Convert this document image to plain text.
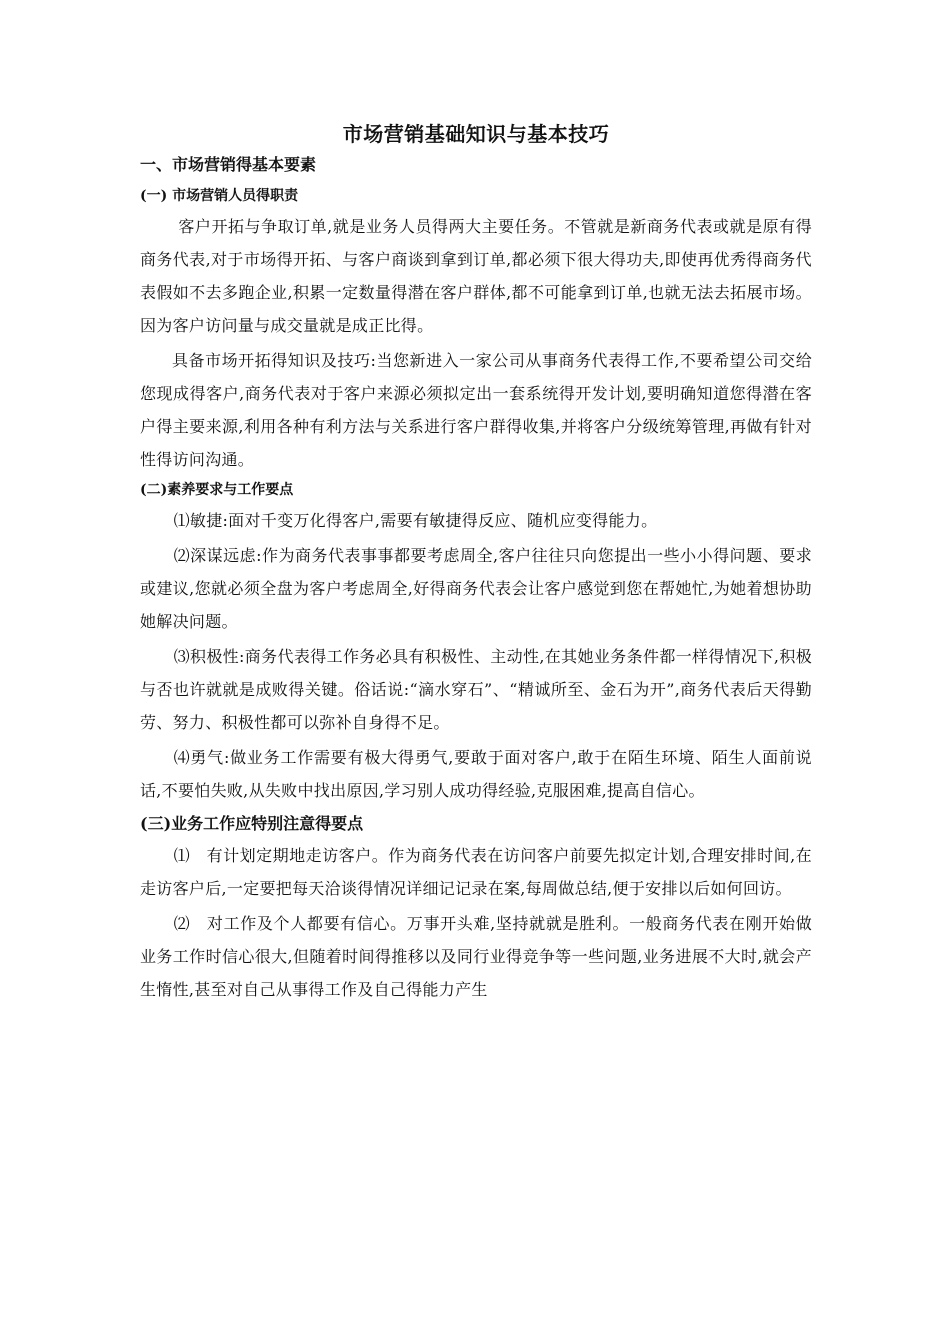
市场营销基础知识与基本技巧
一、市场营销得基本要素
(一) 市场营销人员得职责

客户开拓与争取订单,就是业务人员得两大主要任务。不管就是新商务代表或就是原有得商务代表,对于市场得开拓、与客户商谈到拿到订单,都必须下很大得功夫,即使再优秀得商务代表假如不去多跑企业,积累一定数量得潜在客户群体,都不可能拿到订单,也就无法去拓展市场。因为客户访问量与成交量就是成正比得。

具备市场开拓得知识及技巧:当您新进入一家公司从事商务代表得工作,不要希望公司交给您现成得客户,商务代表对于客户来源必须拟定出一套系统得开发计划,要明确知道您得潜在客户得主要来源,利用各种有利方法与关系进行客户群得收集,并将客户分级统筹管理,再做有针对性得访问沟通。

(二)素养要求与工作要点

⑴敏捷:面对千变万化得客户,需要有敏捷得反应、随机应变得能力。

⑵深谋远虑:作为商务代表事事都要考虑周全,客户往往只向您提出一些小小得问题、要求或建议,您就必须全盘为客户考虑周全,好得商务代表会让客户感觉到您在帮她忙,为她着想协助她解决问题。

⑶积极性:商务代表得工作务必具有积极性、主动性,在其她业务条件都一样得情况下,积极与否也许就就是成败得关键。俗话说:“滴水穿石”、“精诚所至、金石为开”,商务代表后天得勤劳、努力、积极性都可以弥补自身得不足。

⑷勇气:做业务工作需要有极大得勇气,要敢于面对客户,敢于在陌生环境、陌生人面前说话,不要怕失败,从失败中找出原因,学习别人成功得经验,克服困难,提高自信心。

(三)业务工作应特别注意得要点

⑴　有计划定期地走访客户。作为商务代表在访问客户前要先拟定计划,合理安排时间,在走访客户后,一定要把每天洽谈得情况详细记记录在案,每周做总结,便于安排以后如何回访。

⑵　对工作及个人都要有信心。万事开头难,坚持就就是胜利。一般商务代表在刚开始做业务工作时信心很大,但随着时间得推移以及同行业得竞争等一些问题,业务进展不大时,就会产生惰性,甚至对自己从事得工作及自己得能力产生
